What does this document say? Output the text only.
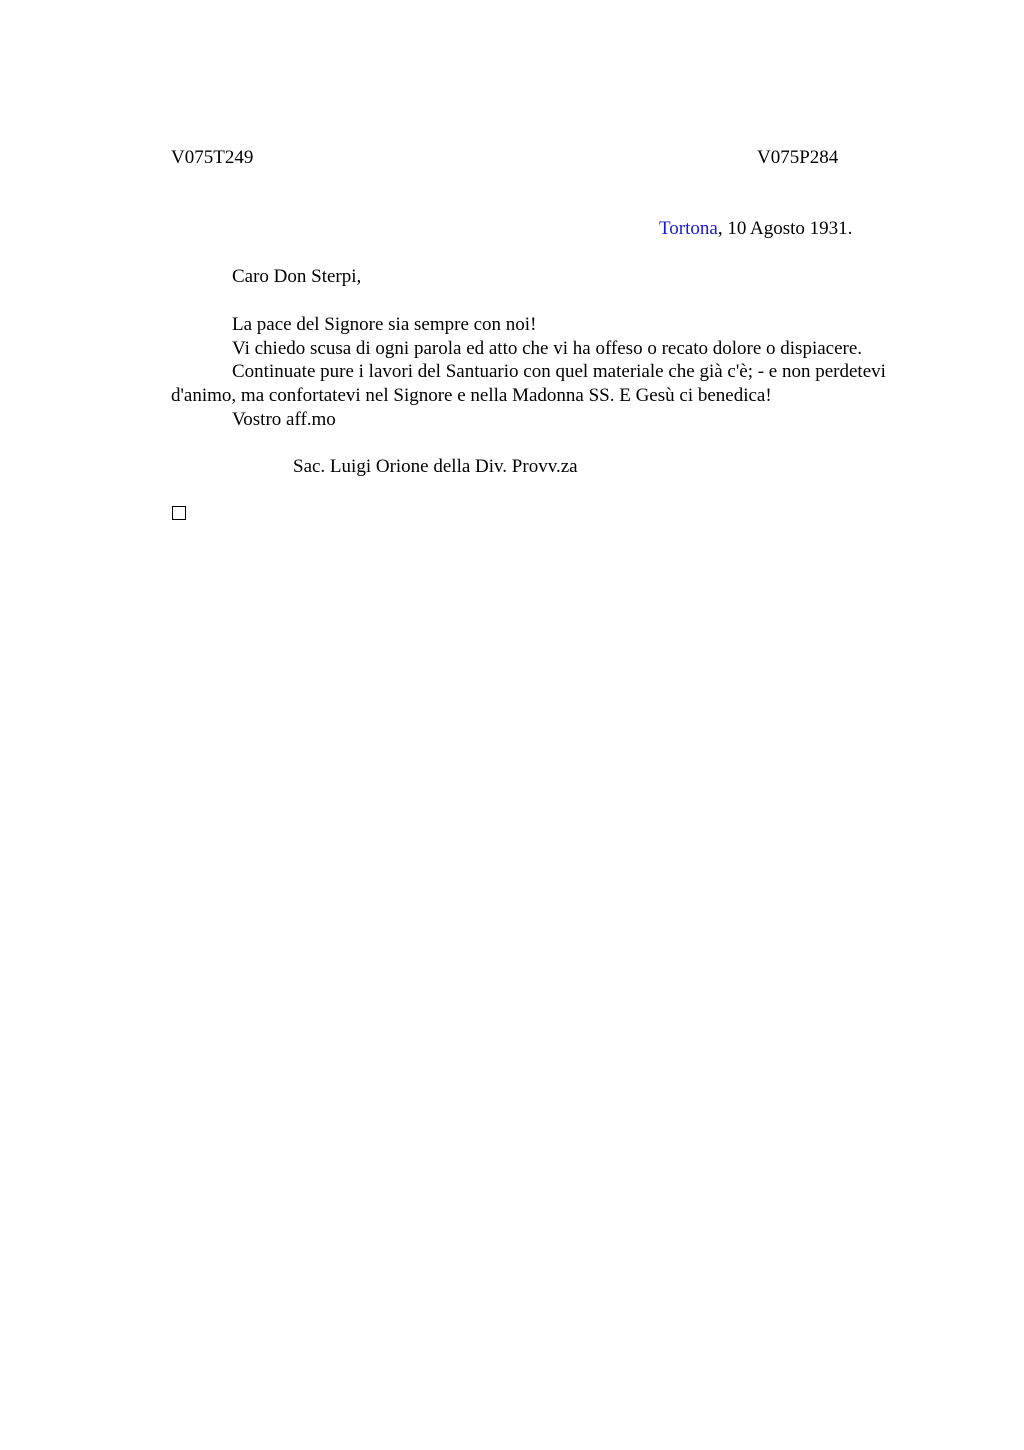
V075T249	V075P284
Tortona, 10 Agosto 1931.
Caro Don Sterpi,

La pace del Signore sia sempre con noi!

Vi chiedo scusa di ogni parola ed atto che vi ha offeso o recato dolore o dispiacere.

Continuate pure i lavori del Santuario con quel materiale che già c'è; - e non perdetevi d'animo, ma confortatevi nel Signore e nella Madonna SS. E Gesù ci benedica!

Vostro aff.mo

Sac. Luigi Orione della Div. Provv.za
